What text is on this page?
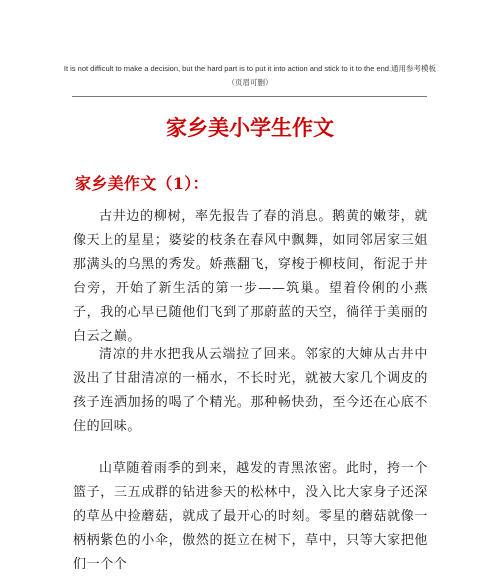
It is not difficult to make a decision, but the hard part is to put it into action and stick to it to the end.通用参考模板（页眉可删）
家乡美小学生作文
家乡美作文（1）：

古井边的柳树，率先报告了春的消息。鹅黄的嫩芽，就像天上的星星；婆娑的枝条在春风中飘舞，如同邻居家三姐那满头的乌黑的秀发。娇燕翻飞，穿梭于柳枝间，衔泥于井台旁，开始了新生活的第一步——筑巢。望着伶俐的小燕子，我的心早已随他们飞到了那蔚蓝的天空，徜徉于美丽的白云之巅。

清凉的井水把我从云端拉了回来。邻家的大婶从古井中汲出了甘甜清凉的一桶水，不长时光，就被大家几个调皮的孩子连洒加扬的喝了个精光。那种畅快劲，至今还在心底不住的回味。

山草随着雨季的到来，越发的青黑浓密。此时，挎一个篮子，三五成群的钻进参天的松林中，没入比大家身子还深的草丛中捡蘑菇，就成了最开心的时刻。零星的蘑菇就像一柄柄紫色的小伞，傲然的挺立在树下，草中，只等大家把他们一个个
